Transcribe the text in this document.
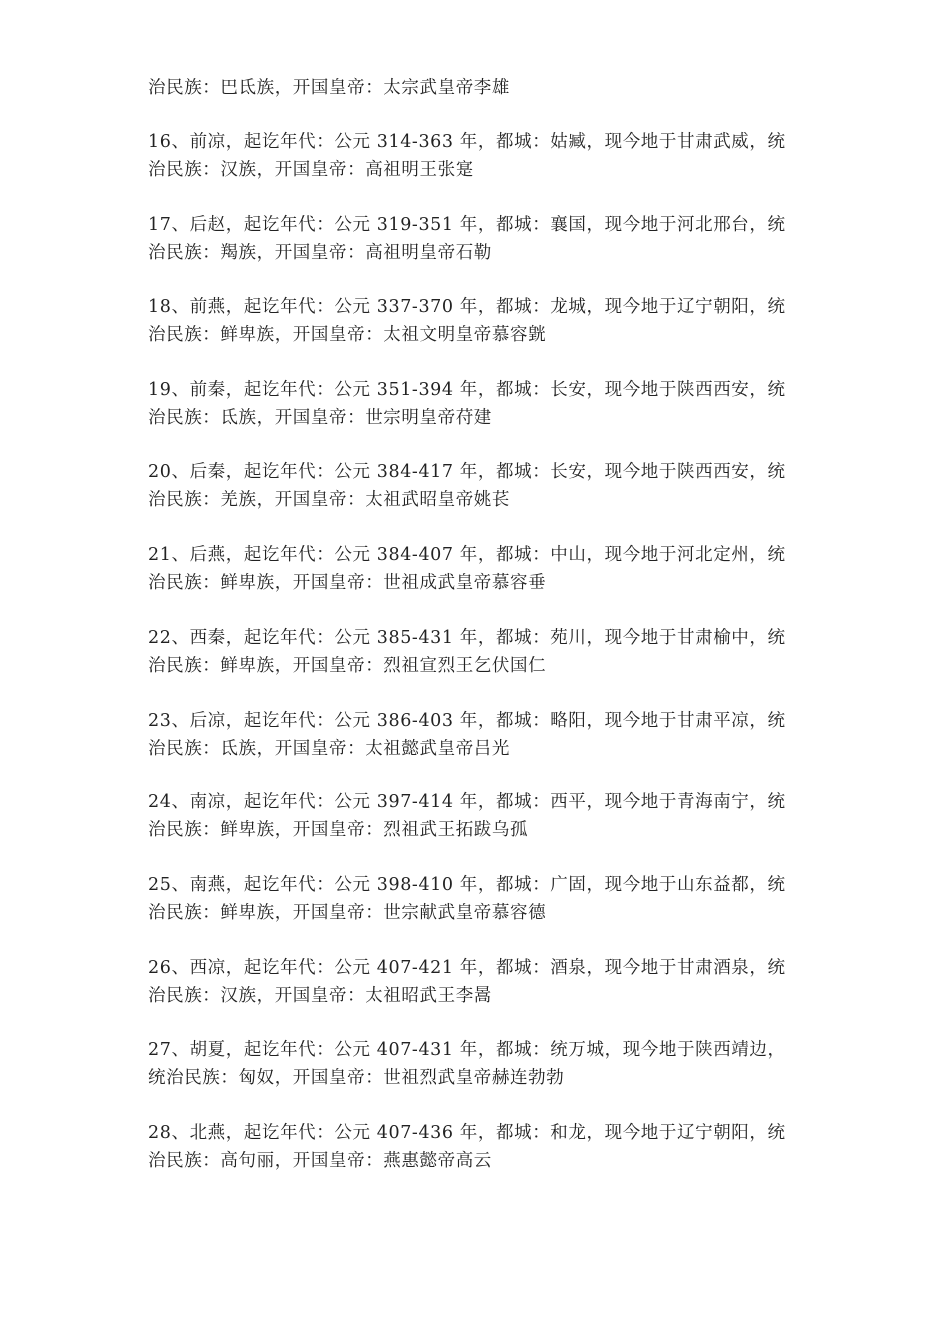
治民族：巴氐族，开国皇帝：太宗武皇帝李雄

16、前凉，起讫年代：公元 314-363 年，都城：姑臧，现今地于甘肃武威，统
治民族：汉族，开国皇帝：高祖明王张寔

17、后赵，起讫年代：公元 319-351 年，都城：襄国，现今地于河北邢台，统
治民族：羯族，开国皇帝：高祖明皇帝石勒

18、前燕，起讫年代：公元 337-370 年，都城：龙城，现今地于辽宁朝阳，统
治民族：鲜卑族，开国皇帝：太祖文明皇帝慕容皝

19、前秦，起讫年代：公元 351-394 年，都城：长安，现今地于陕西西安，统
治民族：氐族，开国皇帝：世宗明皇帝苻建

20、后秦，起讫年代：公元 384-417 年，都城：长安，现今地于陕西西安，统
治民族：羌族，开国皇帝：太祖武昭皇帝姚苌

21、后燕，起讫年代：公元 384-407 年，都城：中山，现今地于河北定州，统
治民族：鲜卑族，开国皇帝：世祖成武皇帝慕容垂

22、西秦，起讫年代：公元 385-431 年，都城：苑川，现今地于甘肃榆中，统
治民族：鲜卑族，开国皇帝：烈祖宣烈王乞伏国仁

23、后凉，起讫年代：公元 386-403 年，都城：略阳，现今地于甘肃平凉，统
治民族：氐族，开国皇帝：太祖懿武皇帝吕光

24、南凉，起讫年代：公元 397-414 年，都城：西平，现今地于青海南宁，统
治民族：鲜卑族，开国皇帝：烈祖武王拓跋乌孤

25、南燕，起讫年代：公元 398-410 年，都城：广固，现今地于山东益都，统
治民族：鲜卑族，开国皇帝：世宗献武皇帝慕容德

26、西凉，起讫年代：公元 407-421 年，都城：酒泉，现今地于甘肃酒泉，统
治民族：汉族，开国皇帝：太祖昭武王李暠

27、胡夏，起讫年代：公元 407-431 年，都城：统万城，现今地于陕西靖边，
统治民族：匈奴，开国皇帝：世祖烈武皇帝赫连勃勃

28、北燕，起讫年代：公元 407-436 年，都城：和龙，现今地于辽宁朝阳，统
治民族：高句丽，开国皇帝：燕惠懿帝高云
